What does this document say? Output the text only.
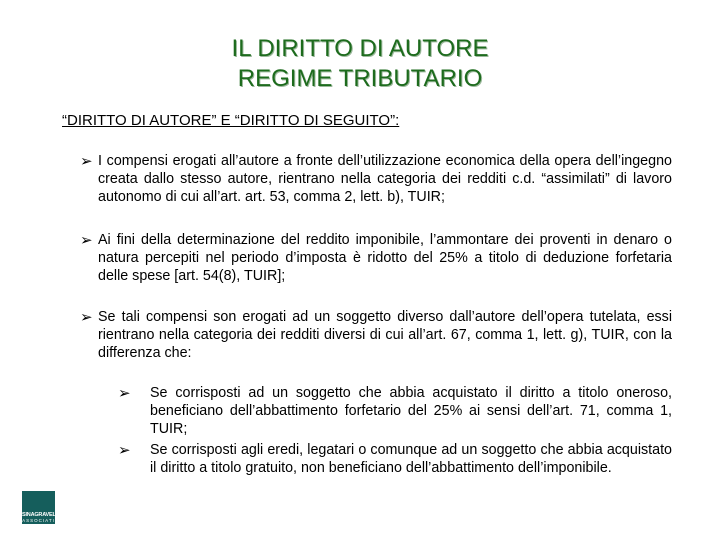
IL DIRITTO DI AUTORE
REGIME TRIBUTARIO
“DIRITTO DI AUTORE” E “DIRITTO DI SEGUITO”:
➢ I compensi erogati all’autore a fronte dell’utilizzazione economica della opera dell’ingegno creata dallo stesso autore, rientrano nella categoria dei redditi c.d. “assimilati” di lavoro autonomo di cui all’art. art. 53, comma 2, lett. b), TUIR;
➢ Ai fini della determinazione del reddito imponibile, l’ammontare dei proventi in denaro o natura percepiti nel periodo d’imposta è ridotto del 25% a titolo di deduzione forfetaria delle spese [art. 54(8), TUIR];
➢ Se tali compensi son erogati ad un soggetto diverso dall’autore dell’opera tutelata, essi rientrano nella categoria dei redditi diversi di cui all’art. 67, comma 1, lett. g), TUIR, con la differenza che:
➢ Se corrisposti ad un soggetto che abbia acquistato il diritto a titolo oneroso, beneficiano dell’abbattimento forfetario del 25% ai sensi dell’art. 71, comma 1, TUIR;
➢ Se corrisposti agli eredi, legatari o comunque ad un soggetto che abbia acquistato il diritto a titolo gratuito, non beneficiano dell’abbattimento dell’imponibile.
SINAGRAVELLO
ASSOCIATI
